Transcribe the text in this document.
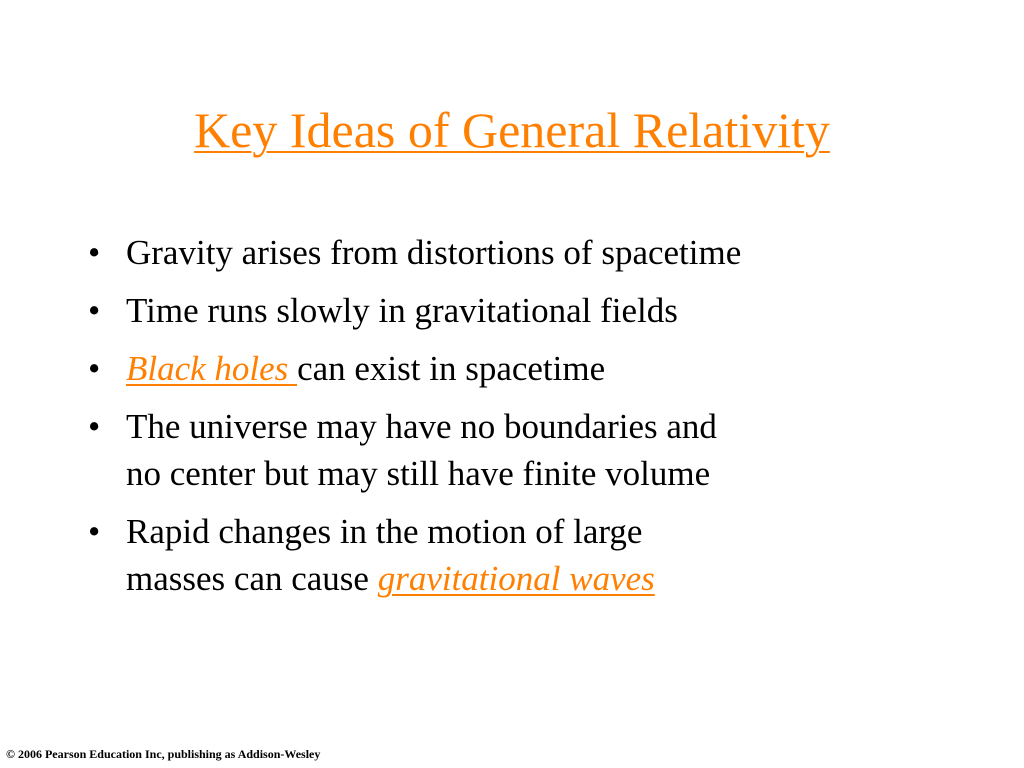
Key Ideas of General Relativity
• Gravity arises from distortions of spacetime
• Time runs slowly in gravitational fields
• Black holes can exist in spacetime
• The universe may have no boundaries and
no center but may still have finite volume
• Rapid changes in the motion of large
masses can cause gravitational waves
© 2006 Pearson Education Inc, publishing as Addison-Wesley
